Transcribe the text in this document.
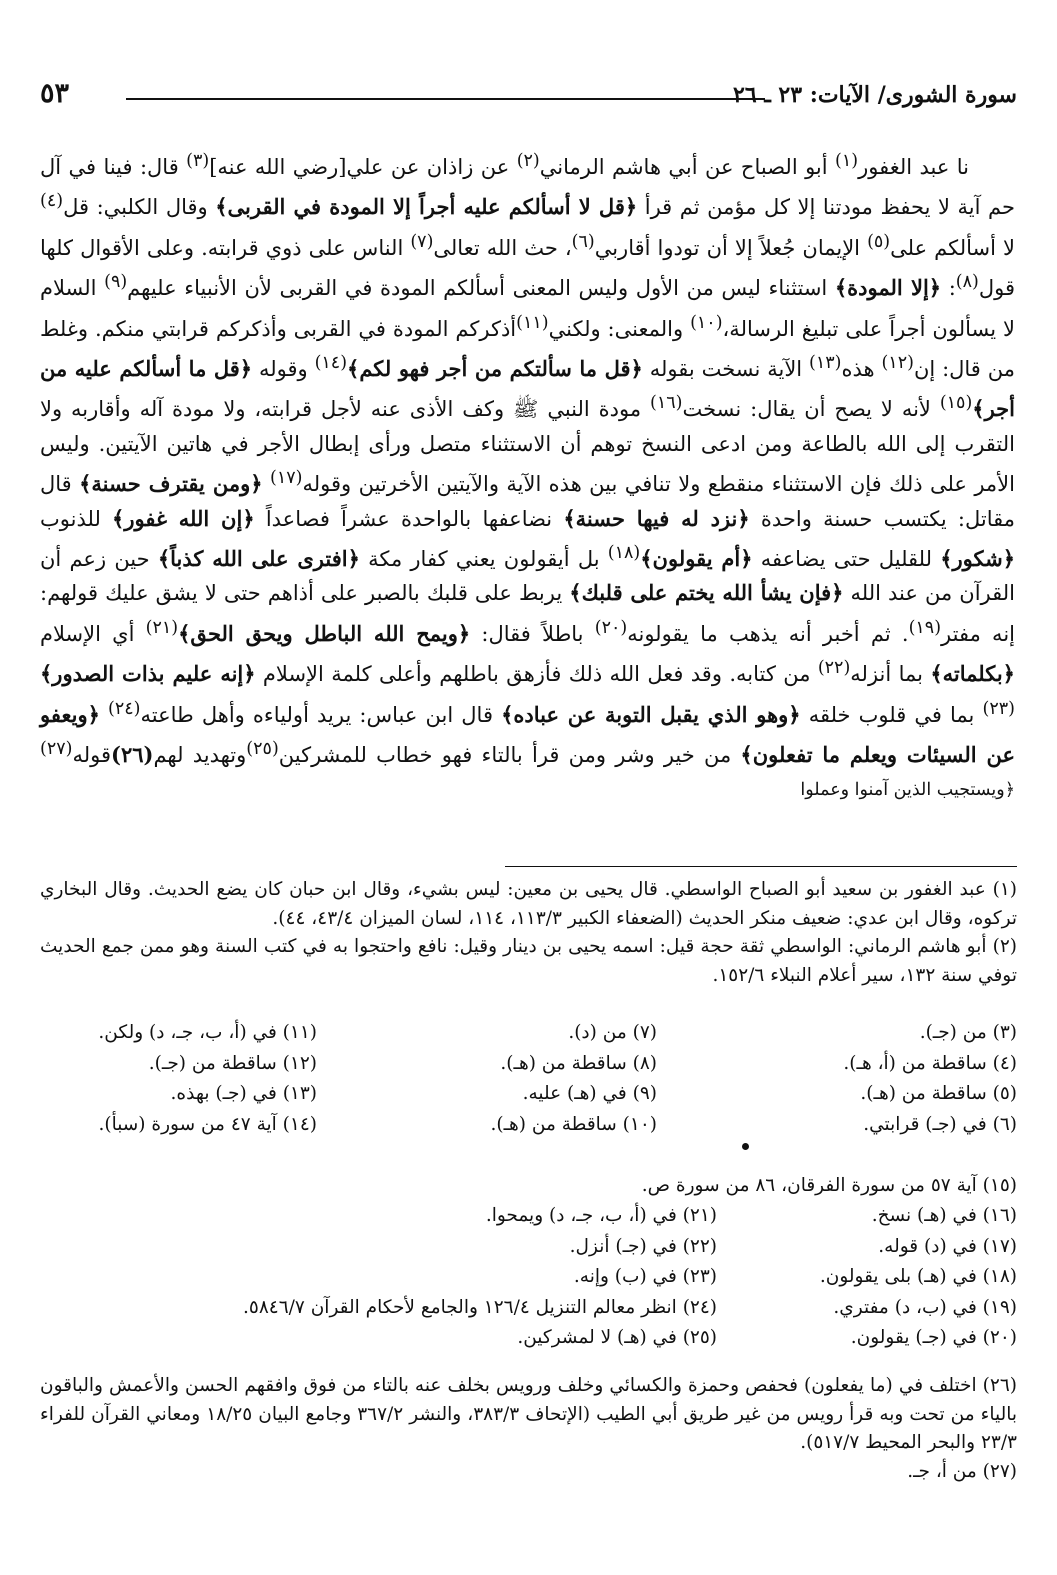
سورة الشورى/ الآيات: ٢٣ ـ ٢٦
٥٣

نا عبد الغفور$^{(١)}$ أبو الصباح عن أبي هاشم الرماني$^{(٢)}$ عن زاذان عن علي[رضي الله عنه]$^{(٣)}$ قال: فينا في آل حم آية لا يحفظ مودتنا إلا كل مؤمن ثم قرأ ﴿قل لا أسألكم عليه أجراً إلا المودة في القربى﴾ وقال الكلبي: قل$^{(٤)}$ لا أسألكم على$^{(٥)}$ الإيمان جُعلاً إلا أن تودوا أقاربي$^{(٦)}$، حث الله تعالى$^{(٧)}$ الناس على ذوي قرابته. وعلى الأقوال كلها قول$^{(٨)}$: ﴿إلا المودة﴾ استثناء ليس من الأول وليس المعنى أسألكم المودة في القربى لأن الأنبياء عليهم$^{(٩)}$ السلام لا يسألون أجراً على تبليغ الرسالة،$^{(١٠)}$ والمعنى: ولكني$^{(١١)}$أذكركم المودة في القربى وأذكركم قرابتي منكم. وغلط من قال: إن$^{(١٢)}$ هذه$^{(١٣)}$ الآية نسخت بقوله ﴿قل ما سألتكم من أجر فهو لكم﴾$^{(١٤)}$ وقوله ﴿قل ما أسألكم عليه من أجر﴾$^{(١٥)}$ لأنه لا يصح أن يقال: نسخت$^{(١٦)}$ مودة النبي ﷺ وكف الأذى عنه لأجل قرابته، ولا مودة آله وأقاربه ولا التقرب إلى الله بالطاعة ومن ادعى النسخ توهم أن الاستثناء متصل ورأى إبطال الأجر في هاتين الآيتين. وليس الأمر على ذلك فإن الاستثناء منقطع ولا تنافي بين هذه الآية والآيتين الأخرتين وقوله$^{(١٧)}$ ﴿ومن يقترف حسنة﴾ قال مقاتل: يكتسب حسنة واحدة ﴿نزد له فيها حسنة﴾ نضاعفها بالواحدة عشراً فصاعداً ﴿إن الله غفور﴾ للذنوب ﴿شكور﴾ للقليل حتى يضاعفه ﴿أم يقولون﴾$^{(١٨)}$ بل أيقولون يعني كفار مكة ﴿افترى على الله كذباً﴾ حين زعم أن القرآن من عند الله ﴿فإن يشأ الله يختم على قلبك﴾ يربط على قلبك بالصبر على أذاهم حتى لا يشق عليك قولهم: إنه مفتر$^{(١٩)}$. ثم أخبر أنه يذهب ما يقولونه$^{(٢٠)}$ باطلاً فقال: ﴿ويمح الله الباطل ويحق الحق﴾$^{(٢١)}$ أي الإسلام ﴿بكلماته﴾ بما أنزله$^{(٢٢)}$ من كتابه. وقد فعل الله ذلك فأزهق باطلهم وأعلى كلمة الإسلام ﴿إنه عليم بذات الصدور﴾$^{(٢٣)}$ بما في قلوب خلقه ﴿وهو الذي يقبل التوبة عن عباده﴾ قال ابن عباس: يريد أولياءه وأهل طاعته$^{(٢٤)}$ ﴿ويعفو عن السيئات ويعلم ما تفعلون﴾ من خير وشر ومن قرأ بالتاء فهو خطاب للمشركين$^{(٢٥)}$وتهديد لهم(٢٦)قوله$^{(٢٧)﴿ويستجيب الذين آمنوا وعملوا}$

(١) عبد الغفور بن سعيد أبو الصباح الواسطي. قال يحيى بن معين: ليس بشيء، وقال ابن حبان كان يضع الحديث. وقال البخاري تركوه، وقال ابن عدي: ضعيف منكر الحديث (الضعفاء الكبير ١١٣/٣، ١١٤، لسان الميزان ٤٣/٤، ٤٤).

(٢) أبو هاشم الرماني: الواسطي ثقة حجة قيل: اسمه يحيى بن دينار وقيل: نافع واحتجوا به في كتب السنة وهو ممن جمع الحديث توفي سنة ١٣٢، سير أعلام النبلاء ١٥٢/٦.

(٣) من (جـ).
(٤) ساقطة من (أ، هـ).
(٥) ساقطة من (هـ).
(٦) في (جـ) قرابتي.
(٧) من (د).
(٨) ساقطة من (هـ).
(٩) في (هـ) عليه.
(١٠) ساقطة من (هـ).
(١١) في (أ، ب، جـ، د) ولكن.
(١٢) ساقطة من (جـ).
(١٣) في (جـ) بهذه.
(١٤) آية ٤٧ من سورة (سبأ).
(١٥) آية ٥٧ من سورة الفرقان، ٨٦ من سورة ص.
(١٦) في (هـ) نسخ.
(١٧) في (د) قوله.
(١٨) في (هـ) بلى يقولون.
(١٩) في (ب، د) مفتري.
(٢٠) في (جـ) يقولون.
(٢١) في (أ، ب، جـ، د) ويمحوا.
(٢٢) في (جـ) أنزل.
(٢٣) في (ب) وإنه.
(٢٤) انظر معالم التنزيل ١٢٦/٤ والجامع لأحكام القرآن ٥٨٤٦/٧.
(٢٥) في (هـ) لا لمشركين.

(٢٦) اختلف في (ما يفعلون) فحفص وحمزة والكسائي وخلف ورويس بخلف عنه بالتاء من فوق وافقهم الحسن والأعمش والباقون بالياء من تحت وبه قرأ رويس من غير طريق أبي الطيب (الإتحاف ٣٨٣/٣، والنشر ٣٦٧/٢ وجامع البيان ١٨/٢٥ ومعاني القرآن للفراء ٢٣/٣ والبحر المحيط ٥١٧/٧).

(٢٧) من أ، جـ.
